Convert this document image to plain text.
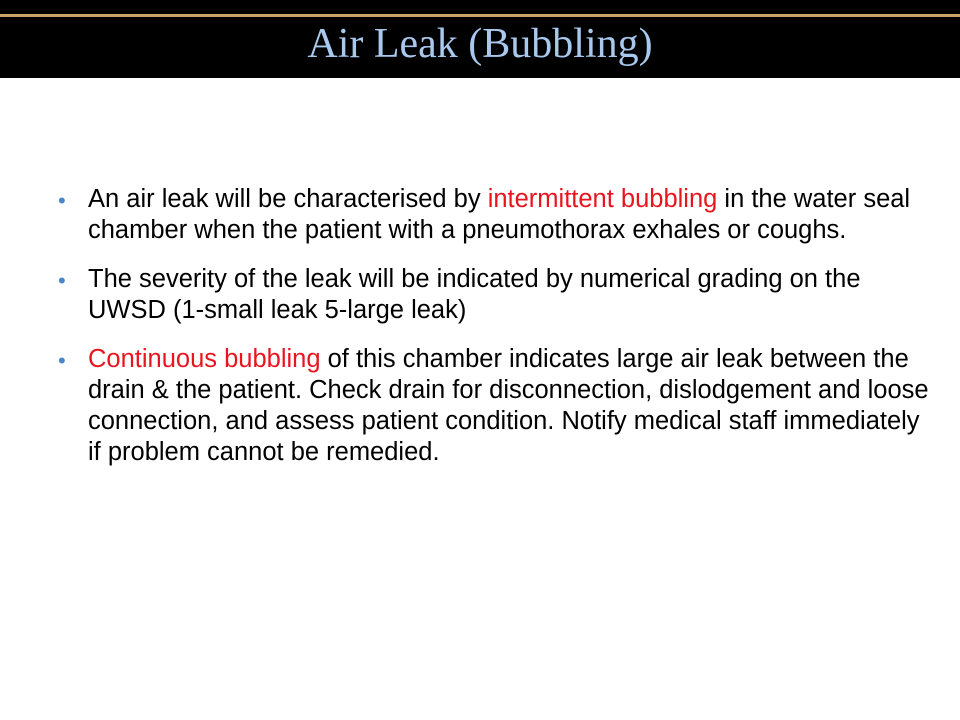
Air Leak (Bubbling)
• An air leak will be characterised by intermittent bubbling in the water seal chamber when the patient with a pneumothorax exhales or coughs.
• The severity of the leak will be indicated by numerical grading on the UWSD (1-small leak 5-large leak)
• Continuous bubbling of this chamber indicates large air leak between the drain & the patient. Check drain for disconnection, dislodgement and loose connection, and assess patient condition. Notify medical staff immediately if problem cannot be remedied.
